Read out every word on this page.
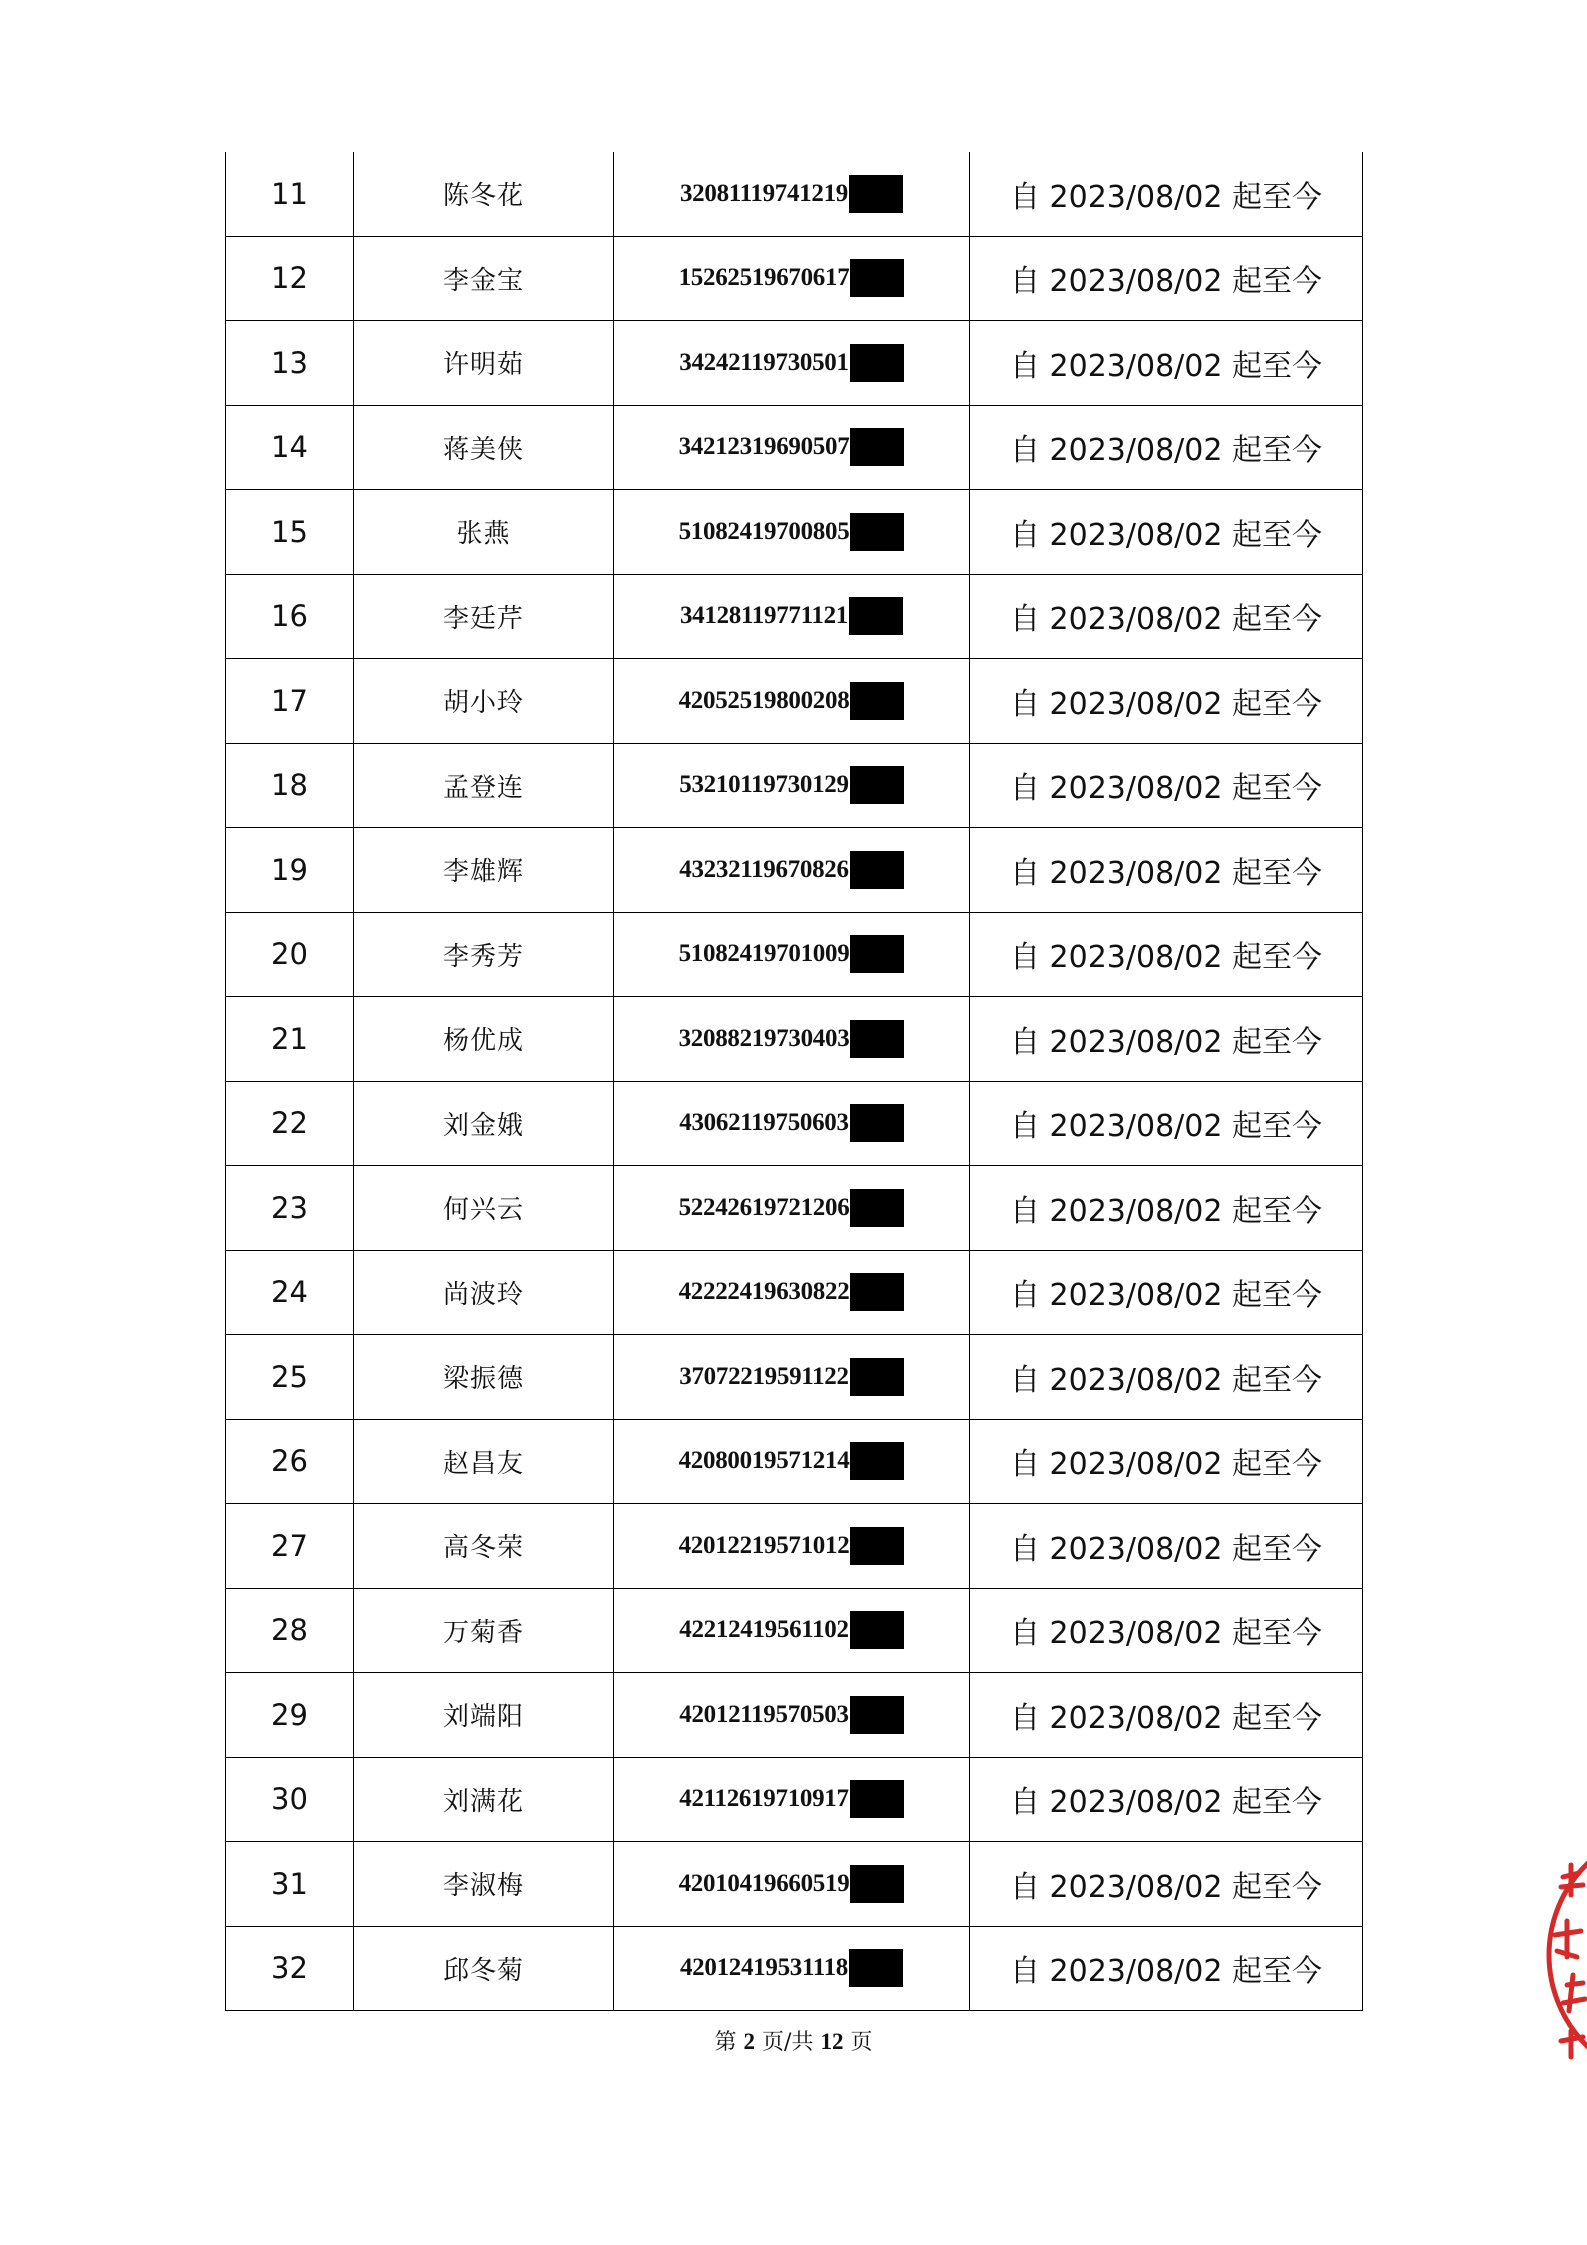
11	陈冬花	32081119741219	自 2023/08/02 起至今
12	李金宝	15262519670617	自 2023/08/02 起至今
13	许明茹	34242119730501	自 2023/08/02 起至今
14	蒋美侠	34212319690507	自 2023/08/02 起至今
15	张燕	51082419700805	自 2023/08/02 起至今
16	李廷芹	34128119771121	自 2023/08/02 起至今
17	胡小玲	42052519800208	自 2023/08/02 起至今
18	孟登连	53210119730129	自 2023/08/02 起至今
19	李雄辉	43232119670826	自 2023/08/02 起至今
20	李秀芳	51082419701009	自 2023/08/02 起至今
21	杨优成	32088219730403	自 2023/08/02 起至今
22	刘金娥	43062119750603	自 2023/08/02 起至今
23	何兴云	52242619721206	自 2023/08/02 起至今
24	尚波玲	42222419630822	自 2023/08/02 起至今
25	梁振德	37072219591122	自 2023/08/02 起至今
26	赵昌友	42080019571214	自 2023/08/02 起至今
27	高冬荣	42012219571012	自 2023/08/02 起至今
28	万菊香	42212419561102	自 2023/08/02 起至今
29	刘端阳	42012119570503	自 2023/08/02 起至今
30	刘满花	42112619710917	自 2023/08/02 起至今
31	李淑梅	42010419660519	自 2023/08/02 起至今
32	邱冬菊	42012419531118	自 2023/08/02 起至今
第 2 页/共 12 页
